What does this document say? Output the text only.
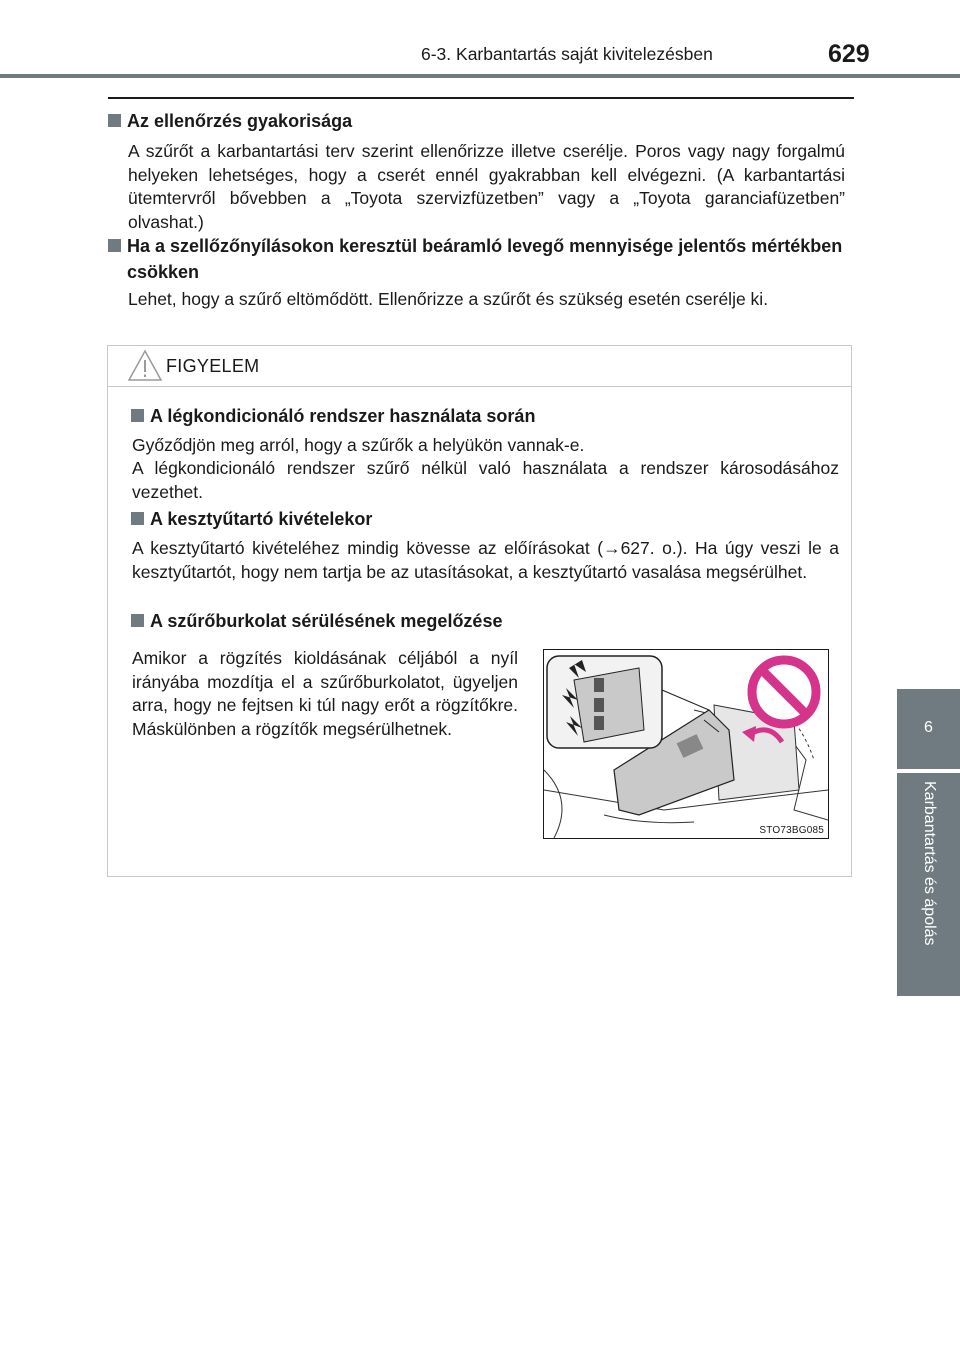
6-3. Karbantartás saját kivitelezésben	629
6
Karbantartás és ápolás
Az ellenőrzés gyakorisága
A szűrőt a karbantartási terv szerint ellenőrizze illetve cserélje. Poros vagy nagy forgalmú helyeken lehetséges, hogy a cserét ennél gyakrabban kell elvégezni. (A karbantartási ütemtervről bővebben a „Toyota szervizfüzetben” vagy a „Toyota garanciafüzetben” olvashat.)
Ha a szellőzőnyílásokon keresztül beáramló levegő mennyisége jelentős mértékben csökken
Lehet, hogy a szűrő eltömődött. Ellenőrizze a szűrőt és szükség esetén cserélje ki.
FIGYELEM
A légkondicionáló rendszer használata során
Győződjön meg arról, hogy a szűrők a helyükön vannak-e.
A légkondicionáló rendszer szűrő nélkül való használata a rendszer károsodásához vezethet.
A kesztyűtartó kivételekor
A kesztyűtartó kivételéhez mindig kövesse az előírásokat (→627. o.). Ha úgy veszi le a kesztyűtartót, hogy nem tartja be az utasításokat, a kesztyűtartó vasalása megsérülhet.
A szűrőburkolat sérülésének megelőzése
Amikor a rögzítés kioldásának céljából a nyíl irányába mozdítja el a szűrőburkolatot, ügyeljen arra, hogy ne fejtsen ki túl nagy erőt a rögzítőkre. Máskülönben a rögzítők megsérülhetnek.
STO73BG085
